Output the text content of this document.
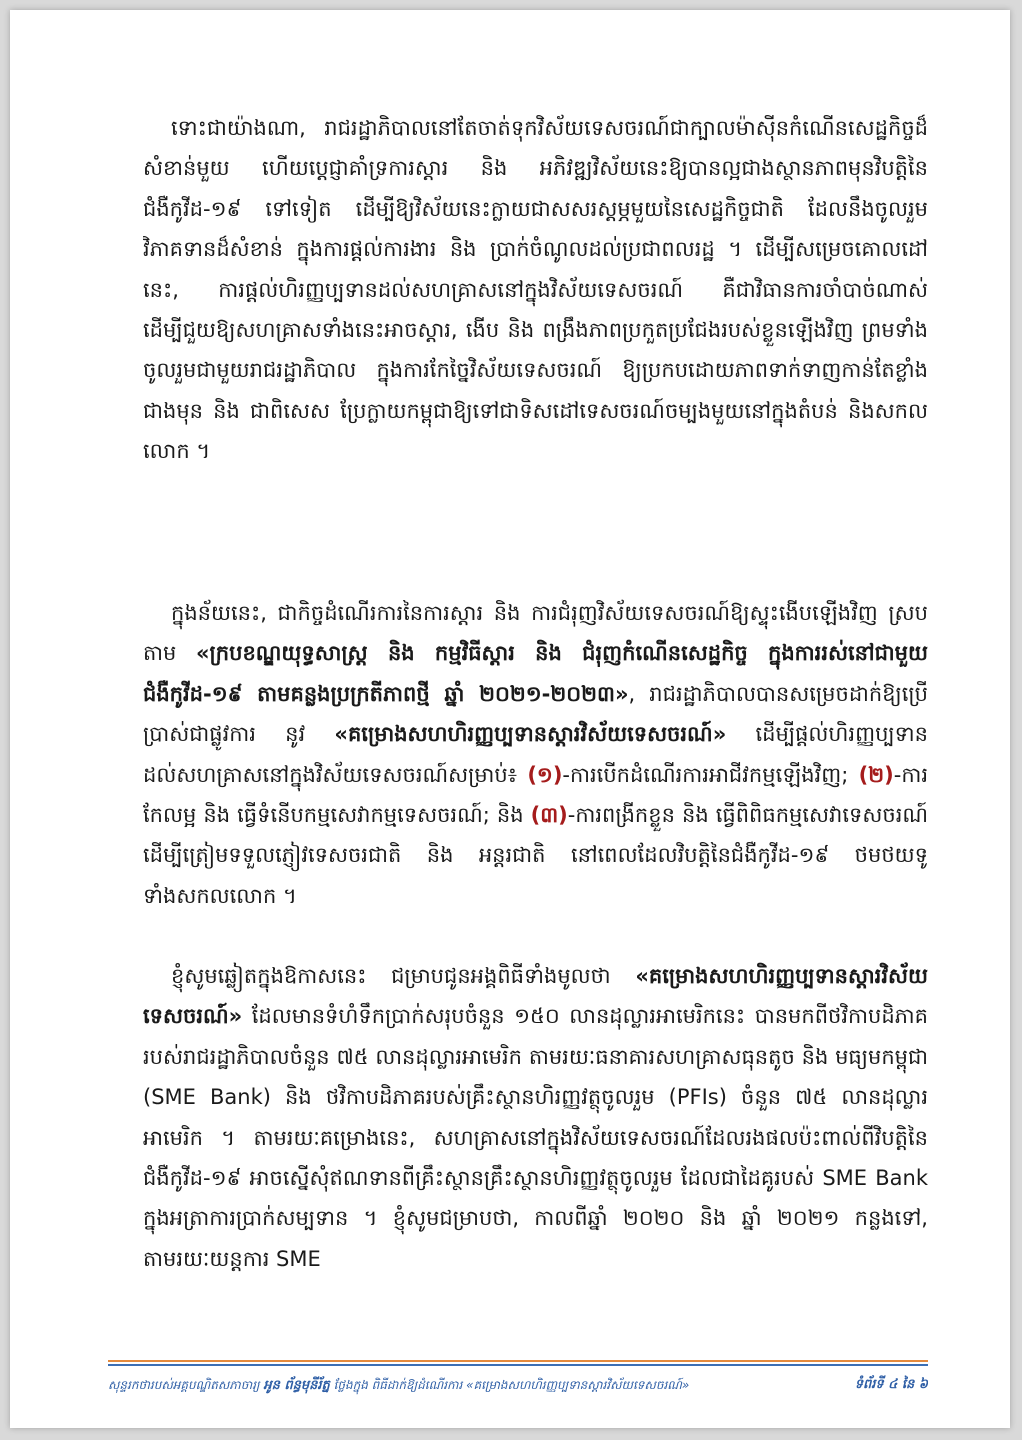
ទោះជាយ៉ាងណា, រាជរដ្ឋាភិបាលនៅតែចាត់ទុកវិស័យទេសចរណ៍ជាក្បាលម៉ាស៊ីនកំណើនសេដ្ឋកិច្ចដ៏សំខាន់មួយ ហើយប្ដេជ្ញាគាំទ្រការស្តារ និង អភិវឌ្ឍវិស័យនេះឱ្យបានល្អជាងស្ថានភាពមុនវិបត្តិនៃជំងឺកូវីដ-១៩ ទៅទៀត ដើម្បីឱ្យវិស័យនេះក្លាយជាសសរស្តម្ភមួយនៃសេដ្ឋកិច្ចជាតិ ដែលនឹងចូលរួមវិភាគទានដ៏សំខាន់ ក្នុងការផ្តល់ការងារ និង ប្រាក់ចំណូលដល់ប្រជាពលរដ្ឋ ។ ដើម្បីសម្រេចគោលដៅនេះ, ការផ្តល់ហិរញ្ញប្បទានដល់សហគ្រាសនៅក្នុងវិស័យទេសចរណ៍ គឺជាវិធានការចាំបាច់ណាស់ ដើម្បីជួយឱ្យសហគ្រាសទាំងនេះអាចស្តារ, ងើប និង ពង្រឹងភាពប្រកួតប្រជែងរបស់ខ្លួនឡើងវិញ ព្រមទាំងចូលរួមជាមួយរាជរដ្ឋាភិបាល ក្នុងការកែច្នៃវិស័យទេសចរណ៍ ឱ្យប្រកបដោយភាពទាក់ទាញកាន់តែខ្លាំងជាងមុន និង ជាពិសេស ប្រែក្លាយកម្ពុជាឱ្យទៅជាទិសដៅទេសចរណ៍ចម្បងមួយនៅក្នុងតំបន់ និងសកលលោក ។

ក្នុងន័យនេះ, ជាកិច្ចដំណើរការនៃការស្តារ និង ការជំរុញវិស័យទេសចរណ៍ឱ្យស្ទុះងើបឡើងវិញ ស្របតាម «ក្របខណ្ឌយុទ្ធសាស្ត្រ និង កម្មវិធីស្តារ និង ជំរុញកំណើនសេដ្ឋកិច្ច ក្នុងការរស់នៅជាមួយជំងឺកូវីដ-១៩ តាមគន្លងប្រក្រតីភាពថ្មី ឆ្នាំ ២០២១-២០២៣», រាជរដ្ឋាភិបាលបានសម្រេចដាក់ឱ្យប្រើប្រាស់ជាផ្លូវការ នូវ «គម្រោងសហហិរញ្ញប្បទានស្តារវិស័យទេសចរណ៍» ដើម្បីផ្តល់ហិរញ្ញប្បទានដល់សហគ្រាសនៅក្នុងវិស័យទេសចរណ៍សម្រាប់៖ (១)-ការបើកដំណើរការអាជីវកម្មឡើងវិញ; (២)-ការកែលម្អ និង ធ្វើទំនើបកម្មសេវាកម្មទេសចរណ៍; និង (៣)-ការពង្រីកខ្លួន និង ធ្វើពិពិធកម្មសេវាទេសចរណ៍ ដើម្បីត្រៀមទទួលភ្ញៀវទេសចរជាតិ និង អន្តរជាតិ នៅពេលដែលវិបត្តិនៃជំងឺកូវីដ-១៩ ថមថយទូទាំងសកលលោក ។

ខ្ញុំសូមឆ្លៀតក្នុងឱកាសនេះ ជម្រាបជូនអង្គពិធីទាំងមូលថា «គម្រោងសហហិរញ្ញប្បទានស្តារវិស័យទេសចរណ៍» ដែលមានទំហំទឹកប្រាក់សរុបចំនួន ១៥០ លានដុល្លារអាមេរិកនេះ បានមកពីថវិកាបដិភាគរបស់រាជរដ្ឋាភិបាលចំនួន ៧៥ លានដុល្លារអាមេរិក តាមរយៈធនាគារសហគ្រាសធុនតូច និង មធ្យមកម្ពុជា (SME Bank) និង ថវិកាបដិភាគរបស់គ្រឹះស្ថានហិរញ្ញវត្ថុចូលរួម (PFIs) ចំនួន ៧៥ លានដុល្លារអាមេរិក ។ តាមរយៈគម្រោងនេះ, សហគ្រាសនៅក្នុងវិស័យទេសចរណ៍ដែលរងផលប៉ះពាល់ពីវិបត្តិនៃជំងឺកូវីដ-១៩ អាចស្នើសុំឥណទានពីគ្រឹះស្ថានគ្រឹះស្ថានហិរញ្ញវត្ថុចូលរួម ដែលជាដៃគូរបស់ SME Bank ក្នុងអត្រាការប្រាក់សម្បទាន ។ ខ្ញុំសូមជម្រាបថា, កាលពីឆ្នាំ ២០២០ និង ឆ្នាំ ២០២១ កន្លងទៅ, តាមរយៈយន្តការ SME

សុន្ទរកថារបស់អគ្គបណ្ឌិតសភាចារ្យ អូន ព័ន្ធមុនីរ័ត្ន ថ្លែងក្នុង ពិធីដាក់ឱ្យដំណើរការ «គម្រោងសហហិរញ្ញប្បទានស្តារវិស័យទេសចរណ៍»	ទំព័រទី ៤ នៃ ៦
